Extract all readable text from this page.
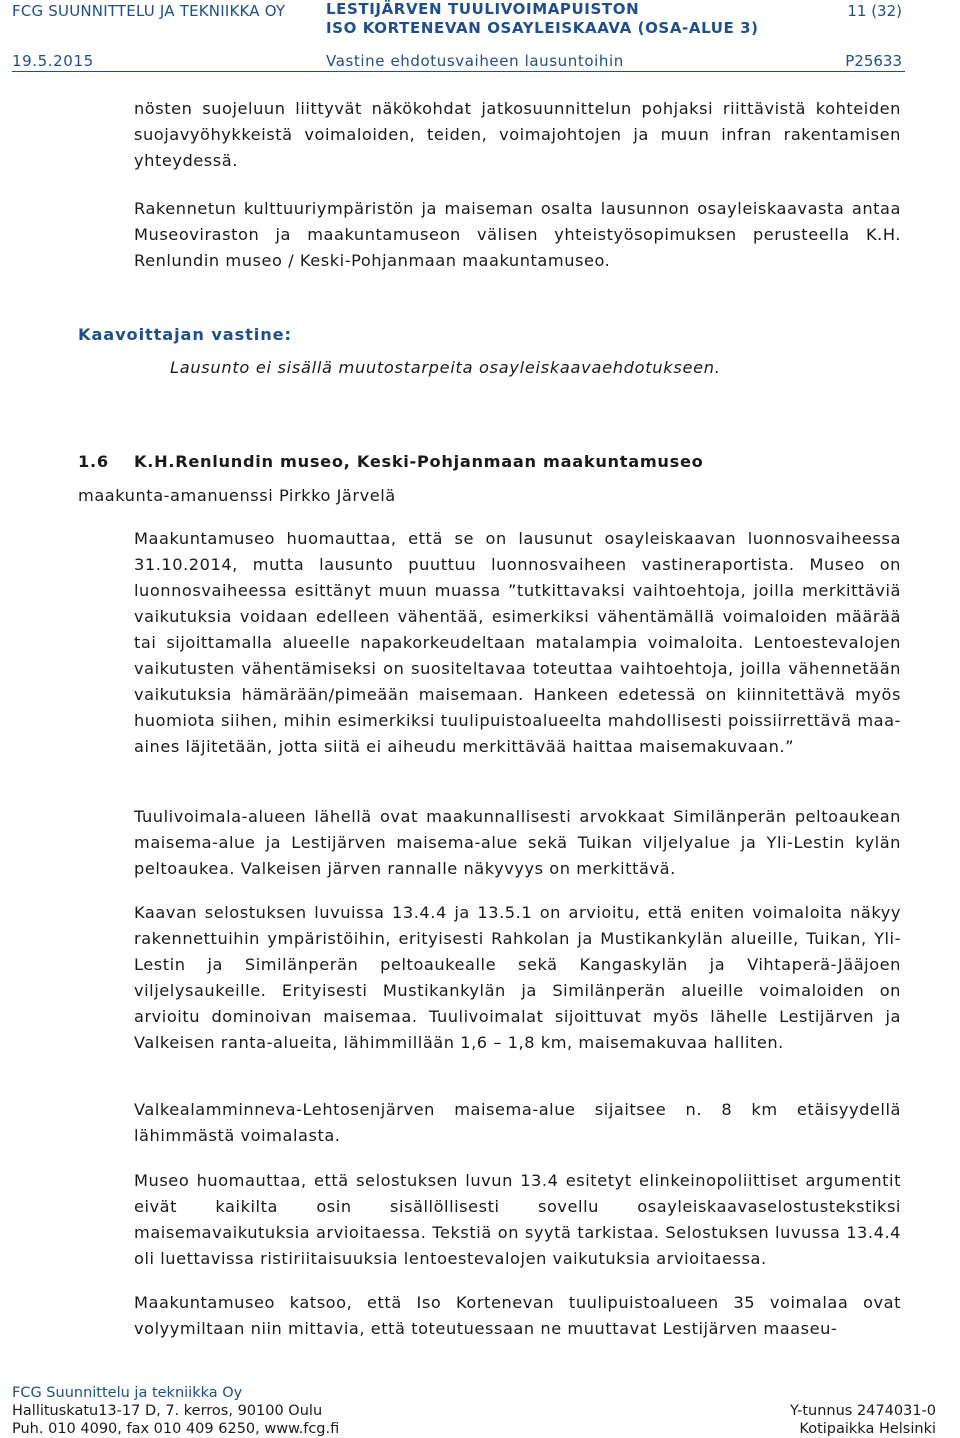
FCG SUUNNITTELU JA TEKNIIKKA OY	LESTIJÄRVEN TUULIVOIMAPUISTON
ISO KORTENEVAN OSAYLEISKAAVA (OSA-ALUE 3)
11 (32)
19.5.2015	Vastine ehdotusvaiheen lausuntoihin	P25633

nösten suojeluun liittyvät näkökohdat jatkosuunnittelun pohjaksi riittävistä kohteiden suojavyöhykkeistä voimaloiden, teiden, voimajohtojen ja muun infran rakentamisen yhteydessä.

Rakennetun kulttuuriympäristön ja maiseman osalta lausunnon osayleiskaavasta antaa Museoviraston ja maakuntamuseon välisen yhteistyösopimuksen perusteella K.H. Renlundin museo / Keski-Pohjanmaan maakuntamuseo.

Kaavoittajan vastine:

Lausunto ei sisällä muutostarpeita osayleiskaavaehdotukseen.

1.6 K.H.Renlundin museo, Keski-Pohjanmaan maakuntamuseo
maakunta-amanuenssi Pirkko Järvelä

Maakuntamuseo huomauttaa, että se on lausunut osayleiskaavan luonnosvaiheessa 31.10.2014, mutta lausunto puuttuu luonnosvaiheen vastineraportista. Museo on luonnosvaiheessa esittänyt muun muassa ”tutkittavaksi vaihtoehtoja, joilla merkittäviä vaikutuksia voidaan edelleen vähentää, esimerkiksi vähentämällä voimaloiden määrää tai sijoittamalla alueelle napakorkeudeltaan matalampia voimaloita. Lentoestevalojen vaikutusten vähentämiseksi on suositeltavaa toteuttaa vaihtoehtoja, joilla vähennetään vaikutuksia hämärään/pimeään maisemaan. Hankeen edetessä on kiinnitettävä myös huomiota siihen, mihin esimerkiksi tuulipuistoalueelta mahdollisesti poissiirrettävä maa-aines läjitetään, jotta siitä ei aiheudu merkittävää haittaa maisemakuvaan.”

Tuulivoimala-alueen lähellä ovat maakunnallisesti arvokkaat Similänperän peltoaukean maisema-alue ja Lestijärven maisema-alue sekä Tuikan viljelyalue ja Yli-Lestin kylän peltoaukea. Valkeisen järven rannalle näkyvyys on merkittävä.

Kaavan selostuksen luvuissa 13.4.4 ja 13.5.1 on arvioitu, että eniten voimaloita näkyy rakennettuihin ympäristöihin, erityisesti Rahkolan ja Mustikankylän alueille, Tuikan, Yli-Lestin ja Similänperän peltoaukealle sekä Kangaskylän ja Vihtaperä-Jääjoen viljelysaukeille. Erityisesti Mustikankylän ja Similänperän alueille voimaloiden on arvioitu dominoivan maisemaa. Tuulivoimalat sijoittuvat myös lähelle Lestijärven ja Valkeisen ranta-alueita, lähimmillään 1,6 – 1,8 km, maisemakuvaa halliten.

Valkealamminneva-Lehtosenjärven maisema-alue sijaitsee n. 8 km etäisyydellä lähimmästä voimalasta.

Museo huomauttaa, että selostuksen luvun 13.4 esitetyt elinkeinopoliittiset argumentit eivät kaikilta osin sisällöllisesti sovellu osayleiskaavaselostustekstiksi maisemavaikutuksia arvioitaessa. Tekstiä on syytä tarkistaa. Selostuksen luvussa 13.4.4 oli luettavissa ristiriitaisuuksia lentoestevalojen vaikutuksia arvioitaessa.

Maakuntamuseo katsoo, että Iso Kortenevan tuulipuistoalueen 35 voimalaa ovat volyymiltaan niin mittavia, että toteutuessaan ne muuttavat Lestijärven maaseu-

FCG Suunnittelu ja tekniikka Oy
Hallituskatu13-17 D, 7. kerros, 90100 Oulu
Puh. 010 4090, fax 010 409 6250, www.fcg.fi
Y-tunnus 2474031-0
Kotipaikka Helsinki
